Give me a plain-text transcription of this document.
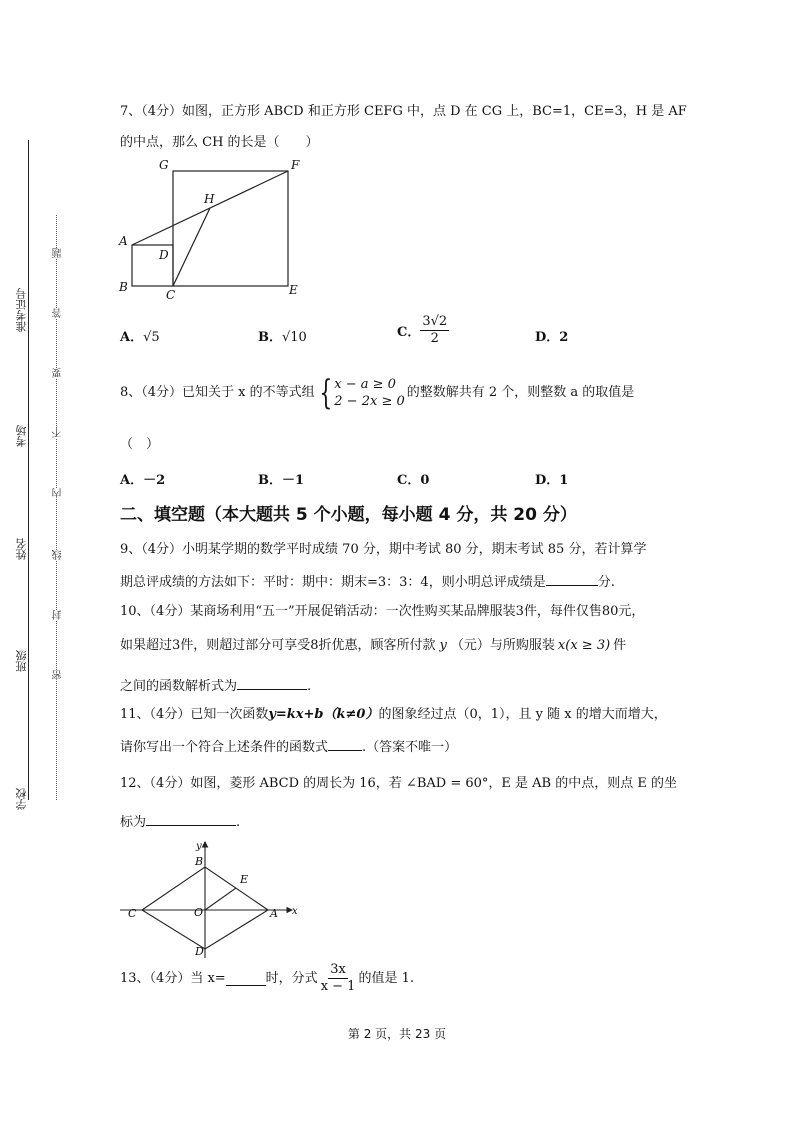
准考证号
考场
姓名
班级
学校
题
答
要
不
内
线
封
密
7、（4分）如图，正方形 ABCD 和正方形 CEFG 中，点 D 在 CG 上，BC=1，CE=3，H 是 AF
的中点，那么 CH 的长是（　　）
G	F
H
A
D
B
C	E
A．√5	B．√10	C． $\frac{3√2}{2}$	D．2
8、（4分）已知关于 x 的不等式组 { x − a ≥ 0
2 − 2x ≥ 0
的整数解共有 2 个，则整数 a 的取值是
（　）
A．－2	B．－1	C．0	D．1
二、填空题（本大题共 5 个小题，每小题 4 分，共 20 分）
9、（4分）小明某学期的数学平时成绩 70 分，期中考试 80 分，期末考试 85 分，若计算学
期总评成绩的方法如下：平时：期中：期末=3：3：4，则小明总评成绩是	分.
10、（4分）某商场利用“五一”开展促销活动：一次性购买某品牌服装3件，每件仅售80元，
如果超过3件，则超过部分可享受8折优惠，顾客所付款 y （元）与所购服装 x(x ≥ 3) 件
之间的函数解析式为	.
11、（4分）已知一次函数y=kx+b（k≠0）的图象经过点（0，1），且 y 随 x 的增大而增大，
请你写出一个符合上述条件的函数式	.（答案不唯一）
12、（4分）如图，菱形 ABCD 的周长为 16，若 ∠BAD = 60°，E 是 AB 的中点，则点 E 的坐
标为	.
y
x
B
E
C	O	A
D
13、（4分）当 x=	时，分式 $\frac{3x}{x - 1}$ 的值是 1.
第 2 页，共 23 页
